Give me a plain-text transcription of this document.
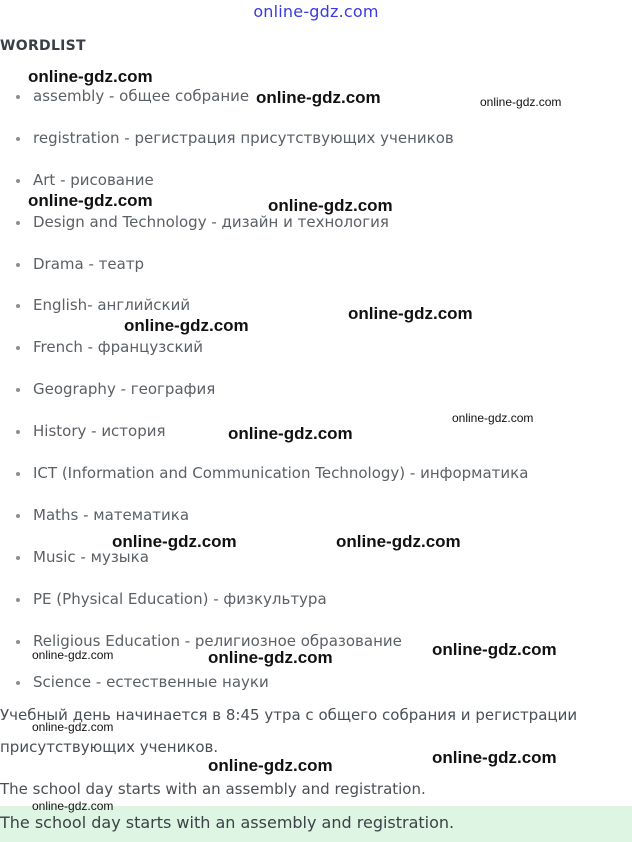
online-gdz.com
WORDLIST
assembly - общее собрание
registration - регистрация присутствующих учеников
Art - рисование
Design and Technology - дизайн и технология
Drama - театр
English- английский
French - французский
Geography - география
History - история
ICT (Information and Communication Technology) - информатика
Maths - математика
Music - музыка
PE (Physical Education) - физкультура
Religious Education - религиозное образование
Science - естественные науки

Учебный день начинается в 8:45 утра с общего собрания и регистрации присутствующих учеников.

The school day starts with an assembly and registration.

The school day starts with an assembly and registration.
online-gdz.com
online-gdz.com	online-gdz.com
online-gdz.com	online-gdz.com
online-gdz.com
online-gdz.com
online-gdz.com
online-gdz.com
online-gdz.com	online-gdz.com
online-gdz.com
online-gdz.com	online-gdz.com
online-gdz.com
online-gdz.com
online-gdz.com
online-gdz.com
